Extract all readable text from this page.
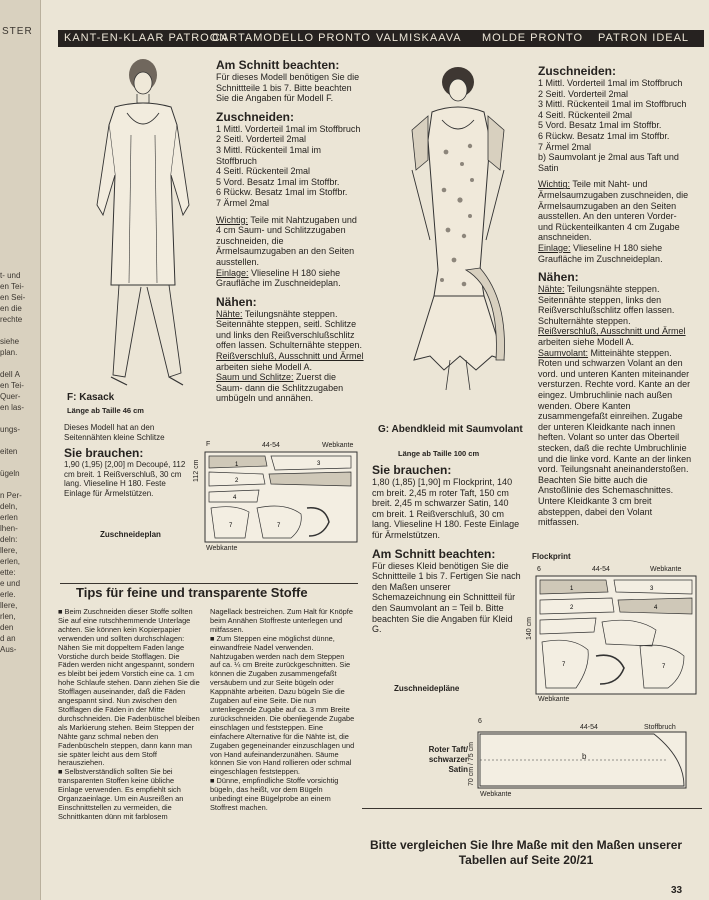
t- und
en Tei-
en Sei-
en die
rechte
siehe
plan.
delI A
en Tei-
Quer-
en las-
ungs-
eiten
ügeln
n Per-
deln,
erlen
lhen-
deln:
llere,
erlen,
ette:
e und
erle.
llere,
rlen,
den
d an
Aus-
STER
KANT-EN-KLAAR PATROON
CARTAMODELLO PRONTO VALMISKAAVA MOLDE PRONTO PATRON IDEAL
F: Kasack
Länge ab Taille 46 cm
Dieses Modell hat an den Seitennähten kleine Schlitze
Sie brauchen:

1,90 (1,95) [2,00] m Decoupé, 112 cm breit. 1 Reißverschluß, 30 cm lang. Vlieseline H 180. Feste Einlage für Ärmelstützen.

Zuschneideplan
Am Schnitt beachten:

Für dieses Modell benötigen Sie die Schnittteile 1 bis 7. Bitte beachten Sie die Angaben für Modell F.

Zuschneiden:

1 Mittl. Vorderteil 1mal im Stoffbruch

2 Seitl. Vorderteil 2mal

3 Mittl. Rückenteil 1mal im Stoffbruch

4 Seitl. Rückenteil 2mal

5 Vord. Besatz 1mal im Stoffbr.

6 Rückw. Besatz 1mal im Stoffbr.

7 Ärmel 2mal

Wichtig: Teile mit Nahtzugaben und 4 cm Saum- und Schlitzzugaben zuschneiden, die Ärmelsaumzugaben an den Seiten ausstellen.

Einlage: Vlieseline H 180 siehe Graufläche im Zuschneideplan.

Nähen:

Nähte: Teilungsnähte steppen. Seitennähte steppen, seitl. Schlitze und links den Reißverschlußschlitz offen lassen. Schulternähte steppen.

Reißverschluß, Ausschnitt und Ärmel arbeiten siehe Modell A.

Saum und Schlitze: Zuerst die Saum- dann die Schlitzzugaben umbügeln und annähen.

F	44-54	Webkante
112 cm	1	3
2
4
7	7
Webkante
G: Abendkleid mit Saumvolant
Länge ab Taille 100 cm
Sie brauchen:

1,80 (1,85) [1,90] m Flockprint, 140 cm breit. 2,45 m roter Taft, 150 cm breit. 2,45 m schwarzer Satin, 140 cm breit. 1 Reißverschluß, 30 cm lang. Vlieseline H 180. Feste Einlage für Ärmelstützen.

Am Schnitt beachten:

Für dieses Kleid benötigen Sie die Schnittteile 1 bis 7. Fertigen Sie nach den Maßen unserer Schemazeichnung ein Schnittteil für den Saumvolant an = Teil b. Bitte beachten Sie die Angaben für Kleid G.

Zuschneidepläne
Zuschneiden:

1 Mittl. Vorderteil 1mal im Stoffbruch

2 Seitl. Vorderteil 2mal

3 Mittl. Rückenteil 1mal im Stoffbruch

4 Seitl. Rückenteil 2mal

5 Vord. Besatz 1mal im Stoffbr.

6 Rückw. Besatz 1mal im Stoffbr.

7 Ärmel 2mal

b) Saumvolant je 2mal aus Taft und Satin

Wichtig: Teile mit Naht- und Ärmelsaumzugaben zuschneiden, die Ärmelsaumzugaben an den Seiten ausstellen. An den unteren Vorder- und Rückenteilkanten 4 cm Zugabe anschneiden.

Einlage: Vlieseline H 180 siehe Graufläche im Zuschneideplan.

Nähen:

Nähte: Teilungsnähte steppen. Seitennähte steppen, links den Reißverschlußschlitz offen lassen. Schulternähte steppen.

Reißverschluß, Ausschnitt und Ärmel arbeiten siehe Modell A.

Saumvolant: Mitteinähte steppen. Roten und schwarzen Volant an den vord. und unteren Kanten miteinander versturzen. Rechte vord. Kante an der eingez. Umbruchlinie nach außen wenden. Obere Kanten zusammengefaßt einreihen. Zugabe der unteren Kleidkante nach innen heften. Volant so unter das Oberteil stecken, daß die rechte Umbruchlinie und die linke vord. Kante an der linken vord. Teilungsnaht aneinanderstoßen. Beachten Sie bitte auch die Anstoßlinie des Schemaschnittes. Untere Kleidkante 3 cm breit absteppen, dabei den Volant mitfassen.

Flockprint
6	44-54	Webkante
140 cm
1	3
2	4
7	7
Webkante
6
44-54	Stoffbruch
Roter Taft/ schwarzer Satin 70 cm / 75 cm	b
Webkante
Tips für feine und transparente Stoffe
■ Beim Zuschneiden dieser Stoffe sollten Sie auf eine rutschhemmende Unterlage achten. Sie können kein Kopierpapier verwenden und sollten durchschlagen: Nähen Sie mit doppeltem Faden lange Vorstiche durch beide Stofflagen. Die Fäden werden nicht angespannt, sondern es bleibt bei jedem Vorstich eine ca. 1 cm hohe Schlaufe stehen. Dann ziehen Sie die Stofflagen auseinander, daß die Fäden angespannt sind. Nun zwischen den Stofflagen die Fäden in der Mitte durchschneiden. Die Fadenbüschel bleiben als Markierung stehen. Beim Steppen der Nähte ganz schmal neben den Fadenbüscheln steppen, dann kann man sie später leicht aus dem Stoff herausziehen.
■ Selbstverständlich sollten Sie bei transparenten Stoffen keine übliche Einlage verwenden. Es empfiehlt sich Organzaeinlage. Um ein Ausreißen an Einschnittstellen zu vermeiden, die Schnittkanten dünn mit farblosem
Nagellack bestreichen. Zum Halt für Knöpfe beim Annähen Stoffreste unterlegen und mitfassen.
■ Zum Steppen eine möglichst dünne, einwandfreie Nadel verwenden. Nahtzugaben werden nach dem Steppen auf ca. ¼ cm Breite zurückgeschnitten. Sie können die Zugaben zusammengefaßt versäubern und zur Seite bügeln oder Kappnähte arbeiten. Dazu bügeln Sie die Zugaben auf eine Seite. Die nun untenliegende Zugabe auf ca. 3 mm Breite zurückschneiden. Die obenliegende Zugabe einschlagen und feststeppen. Eine einfachere Alternative für die Nähte ist, die Zugaben gegeneinander einzuschlagen und von Hand aufeinanderzunähen. Säume können Sie von Hand rollieren oder schmal eingeschlagen feststeppen.
■ Dünne, empfindliche Stoffe vorsichtig bügeln, das heißt, vor dem Bügeln unbedingt eine Bügelprobe an einem Stoffrest machen.
Bitte vergleichen Sie Ihre Maße mit den Maßen unserer Tabellen auf Seite 20/21
33
